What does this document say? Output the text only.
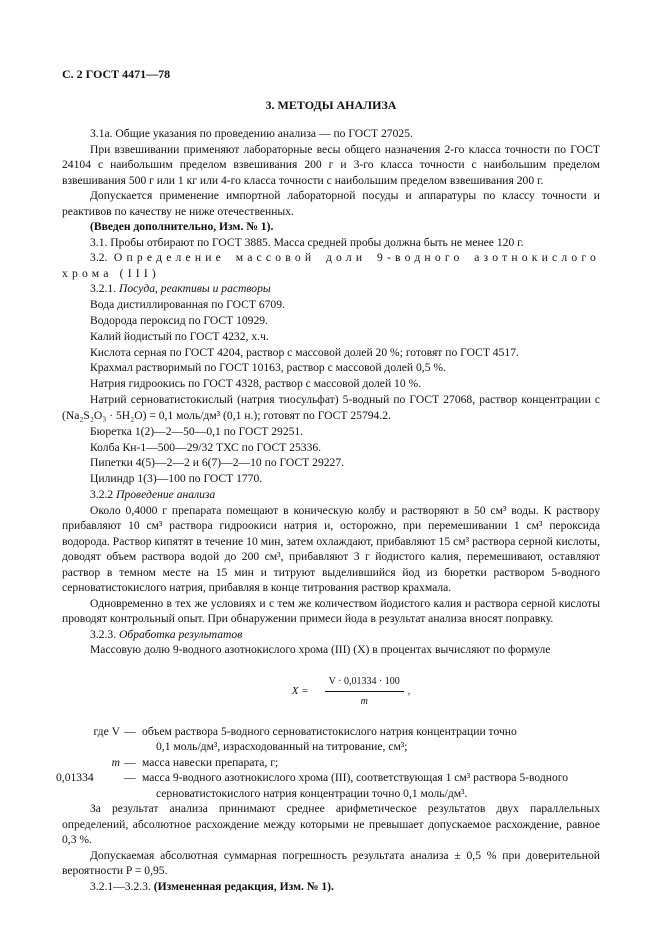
С. 2 ГОСТ 4471—78
3. МЕТОДЫ АНАЛИЗА

3.1а. Общие указания по проведению анализа — по ГОСТ 27025.

При взвешивании применяют лабораторные весы общего назначения 2-го класса точности по ГОСТ 24104 с наибольшим пределом взвешивания 200 г и 3-го класса точности с наибольшим пределом взвешивания 500 г или 1 кг или 4-го класса точности с наибольшим пределом взвешивания 200 г.

Допускается применение импортной лабораторной посуды и аппаратуры по классу точности и реактивов по качеству не ниже отечественных.

(Введен дополнительно, Изм. № 1).

3.1. Пробы отбирают по ГОСТ 3885. Масса средней пробы должна быть не менее 120 г.

3.2. Определение массовой доли 9-водного азотнокислого хрома (III)

3.2.1. Посуда, реактивы и растворы

Вода дистиллированная по ГОСТ 6709.

Водорода пероксид по ГОСТ 10929.

Калий йодистый по ГОСТ 4232, х.ч.

Кислота серная по ГОСТ 4204, раствор с массовой долей 20 %; готовят по ГОСТ 4517.

Крахмал растворимый по ГОСТ 10163, раствор с массовой долей 0,5 %.

Натрия гидроокись по ГОСТ 4328, раствор с массовой долей 10 %.

Натрий серноватистокислый (натрия тиосульфат) 5-водный по ГОСТ 27068, раствор концентрации c (Na₂S₂O₃ · 5H₂O) = 0,1 моль/дм³ (0,1 н.); готовят по ГОСТ 25794.2.

Бюретка 1(2)—2—50—0,1 по ГОСТ 29251.

Колба Кн-1—500—29/32 ТХС по ГОСТ 25336.

Пипетки 4(5)—2—2 и 6(7)—2—10 по ГОСТ 29227.

Цилиндр 1(3)—100 по ГОСТ 1770.

3.2.2 Проведение анализа

Около 0,4000 г препарата помещают в коническую колбу и растворяют в 50 см³ воды. К раствору прибавляют 10 см³ раствора гидроокиси натрия и, осторожно, при перемешивании 1 см³ пероксида водорода. Раствор кипятят в течение 10 мин, затем охлаждают, прибавляют 15 см³ раствора серной кислоты, доводят объем раствора водой до 200 см³, прибавляют 3 г йодистого калия, перемешивают, оставляют раствор в темном месте на 15 мин и титруют выделившийся йод из бюретки раствором 5-водного серноватистокислого натрия, прибавляя в конце титрования раствор крахмала.

Одновременно в тех же условиях и с тем же количеством йодистого калия и раствора серной кислоты проводят контрольный опыт. При обнаружении примеси йода в результат анализа вносят поправку.

3.2.3. Обработка результатов

Массовую долю 9-водного азотнокислого хрома (III) (X) в процентах вычисляют по формуле

$X = \frac{V \cdot 0,01334 \cdot 100}{m}$ ,
где V — объем раствора 5-водного серноватистокислого натрия концентрации точно
0,1 моль/дм³, израсходованный на титрование, см³;
m — масса навески препарата, г;
0,01334	— масса 9-водного азотнокислого хрома (III), соответствующая 1 см³ раствора 5-водного
серноватистокислого натрия концентрации точно 0,1 моль/дм³.

За результат анализа принимают среднее арифметическое результатов двух параллельных определений, абсолютное расхождение между которыми не превышает допускаемое расхождение, равное 0,3 %.

Допускаемая абсолютная суммарная погрешность результата анализа ± 0,5 % при доверительной вероятности P = 0,95.

3.2.1—3.2.3. (Измененная редакция, Изм. № 1).
